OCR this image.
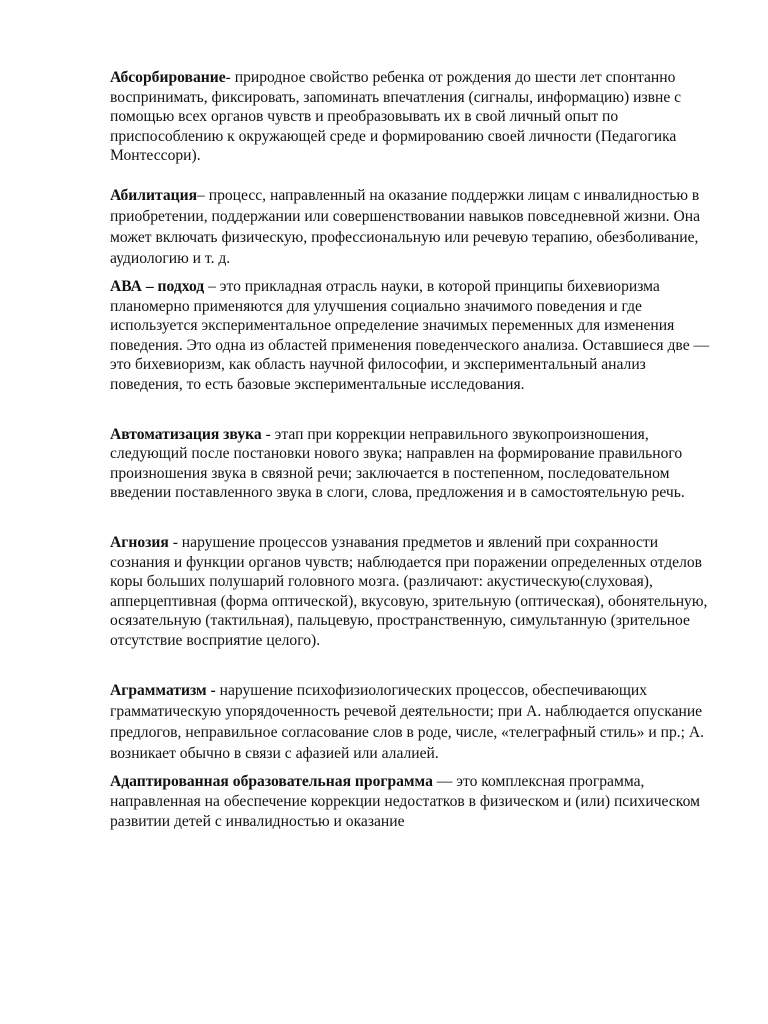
Абсорбирование- природное свойство ребенка от рождения до шести лет спонтанно воспринимать, фиксировать, запоминать впечатления (сигналы, информацию) извне с помощью всех органов чувств и преобразовывать их в свой личный опыт по приспособлению к окружающей среде и формированию своей личности (Педагогика Монтессори).

Абилитация– процесс, направленный на оказание поддержки лицам с инвалидностью в приобретении, поддержании или совершенствовании навыков повседневной жизни. Она может включать физическую, профессиональную или речевую терапию, обезболивание, аудиологию и т. д.

АВА – подход – это прикладная отрасль науки, в которой принципы бихевиоризма планомерно применяются для улучшения социально значимого поведения и где используется экспериментальное определение значимых переменных для изменения поведения. Это одна из областей применения поведенческого анализа. Оставшиеся две — это бихевиоризм, как область научной философии, и экспериментальный анализ поведения, то есть базовые экспериментальные исследования.

Автоматизация звука - этап при коррекции неправильного звукопроизношения, следующий после постановки нового звука; направлен на формирование правильного произношения звука в связной речи; заключается в постепенном, последовательном введении поставленного звука в слоги, слова, предложения и в самостоятельную речь.

Агнозия - нарушение процессов узнавания предметов и явлений при сохранности сознания и функции органов чувств; наблюдается при поражении определенных отделов коры больших полушарий головного мозга. (различают: акустическую(слуховая), апперцептивная (форма оптической), вкусовую, зрительную (оптическая), обонятельную, осязательную (тактильная), пальцевую, пространственную, симультанную (зрительное отсутствие восприятие целого).

Аграмматизм - нарушение психофизиологических процессов, обеспечивающих грамматическую упорядоченность речевой деятельности; при А. наблюдается опускание предлогов, неправильное согласование слов в роде, числе, «телеграфный стиль» и пр.; А. возникает обычно в связи с афазией или алалией.

Адаптированная образовательная программа — это комплексная программа, направленная на обеспечение коррекции недостатков в физическом и (или) психическом развитии детей с инвалидностью и оказание
